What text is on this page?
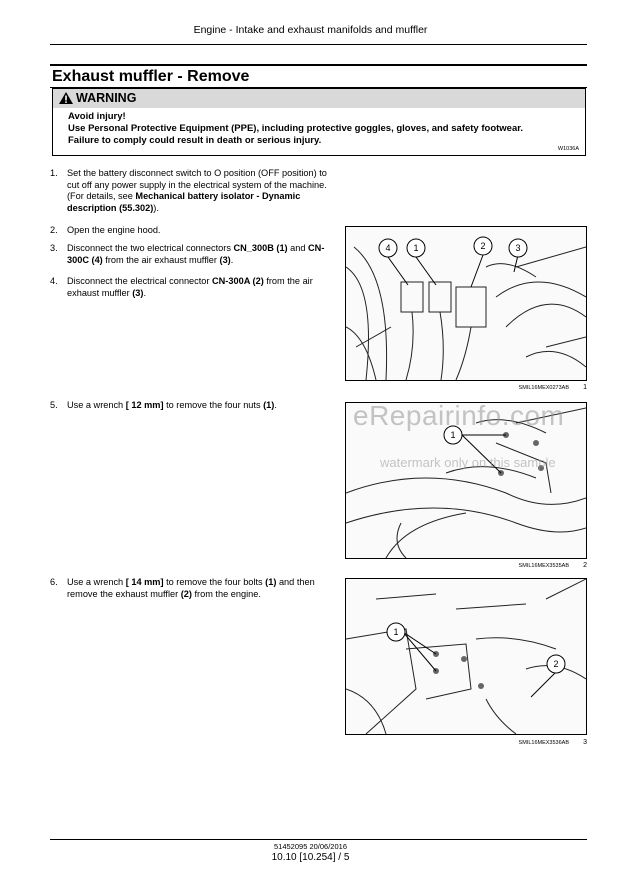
Engine - Intake and exhaust manifolds and muffler
Exhaust muffler - Remove
WARNING
Avoid injury!
Use Personal Protective Equipment (PPE), including protective goggles, gloves, and safety footwear.
Failure to comply could result in death or serious injury.
W1036A
1. Set the battery disconnect switch to O position (OFF position) to cut off any power supply in the electrical system of the machine. (For details, see Mechanical battery isolator - Dynamic description (55.302)).
2. Open the engine hood.
3. Disconnect the two electrical connectors CN_300B (1) and CN-300C (4) from the air exhaust muffler (3).
4. Disconnect the electrical connector CN-300A (2) from the air exhaust muffler (3).
5. Use a wrench [ 12 mm] to remove the four nuts (1).
6. Use a wrench [ 14 mm] to remove the four bolts (1) and then remove the exhaust muffler (2) from the engine.
4	1	2	3
SMIL16MEX0273AB 1
1
SMIL16MEX3535AB 2
1
2
SMIL16MEX3536AB 3
eRepairinfo.com
watermark only on this sample
51452095 20/06/2016
10.10 [10.254] / 5
